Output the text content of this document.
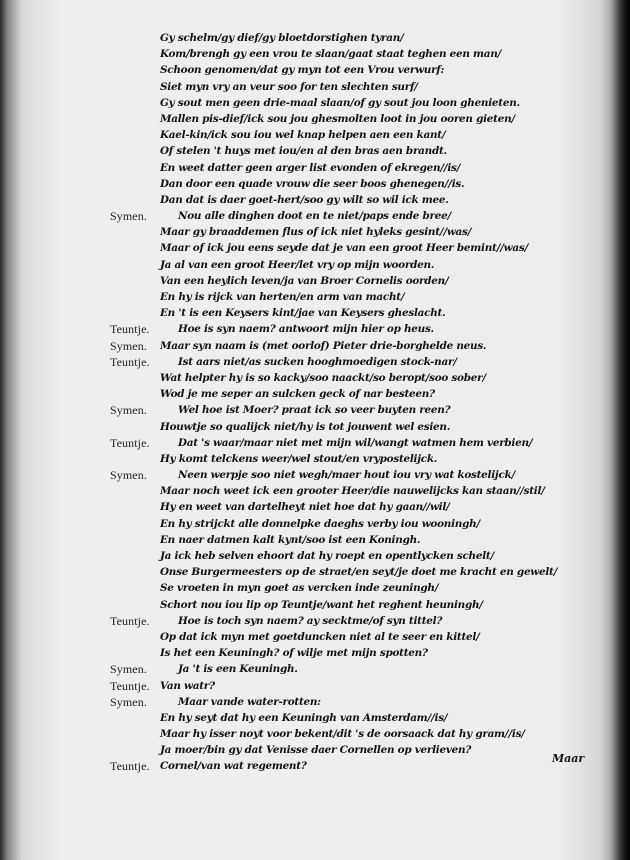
Gy schelm/gy dief/gy bloetdorstighen tyran/
Kom/brengh gy een vrou te slaan/gaat staat teghen een man/
Schoon genomen/dat gy myn tot een Vrou verwurf:
Siet myn vry an veur soo for ten slechten surf/
Gy sout men geen drie-maal slaan/of gy sout jou loon ghenieten.
Mallen pis-dief/ick sou jou ghesmolten loot in jou ooren gieten/
Kael-kin/ick sou iou wel knap helpen aen een kant/
Of stelen 't huys met iou/en al den bras aen brandt.
En weet datter geen arger list evonden of ekregen//is/
Dan door een quade vrouw die seer boos ghenegen//is.
Dan dat is daer goet-hert/soo gy wilt so wil ick mee.
Symen.	Nou alle dinghen doot en te niet/paps ende bree/
Maar gy braaddemen flus of ick niet hyleks gesint//was/
Maar of ick jou eens seyde dat je van een groot Heer bemint//was/
Ja al van een groot Heer/let vry op mijn woorden.
Van een heylich leven/ja van Broer Cornelis oorden/
En hy is rijck van herten/en arm van macht/
En 't is een Keysers kint/jae van Keysers gheslacht.
Teuntje.	Hoe is syn naem? antwoort mijn hier op heus.
Symen. Maar syn naam is (met oorlof) Pieter drie-borghelde neus.
Teuntje.	Ist aars niet/as sucken hooghmoedigen stock-nar/
Wat helpter hy is so kacky/soo naackt/so beropt/soo sober/
Wod je me seper an sulcken geck of nar besteen?
Symen.	Wel hoe ist Moer? praat ick so veer buyten reen?
Houwtje so qualijck niet/hy is tot jouwent wel esien.
Teuntje.	Dat 's waar/maar niet met mijn wil/wangt watmen hem verbien/
Hy komt telckens weer/wel stout/en vrypostelijck.
Symen.	Neen werpje soo niet wegh/maer hout iou vry wat kostelijck/
Maar noch weet ick een grooter Heer/die nauwelijcks kan staan//stil/
Hy en weet van dartelheyt niet hoe dat hy gaan//wil/
En hy strijckt alle donnelpke daeghs verby iou wooningh/
En naer datmen kalt kynt/soo ist een Koningh.
Ja ick heb selven ehoort dat hy roept en opentlycken schelt/
Onse Burgermeesters op de straet/en seyt/je doet me kracht en gewelt/
Se vroeten in myn goet as vercken inde zeuningh/
Schort nou iou lip op Teuntje/want het reghent heuningh/
Teuntje.	Hoe is toch syn naem? ay secktme/of syn tittel?
Op dat ick myn met goetduncken niet al te seer en kittel/
Is het een Keuningh? of wilje met mijn spotten?
Symen.	Ja 't is een Keuningh.
Teuntje. Van watr?
Symen.	Maar vande water-rotten:
En hy seyt dat hy een Keuningh van Amsterdam//is/
Maar hy isser noyt voor bekent/dit 's de oorsaack dat hy gram//is/
Ja moer/bin gy dat Venisse daer Cornellen op verlieven?
Teuntje. Cornel/van wat regement?
Maar
